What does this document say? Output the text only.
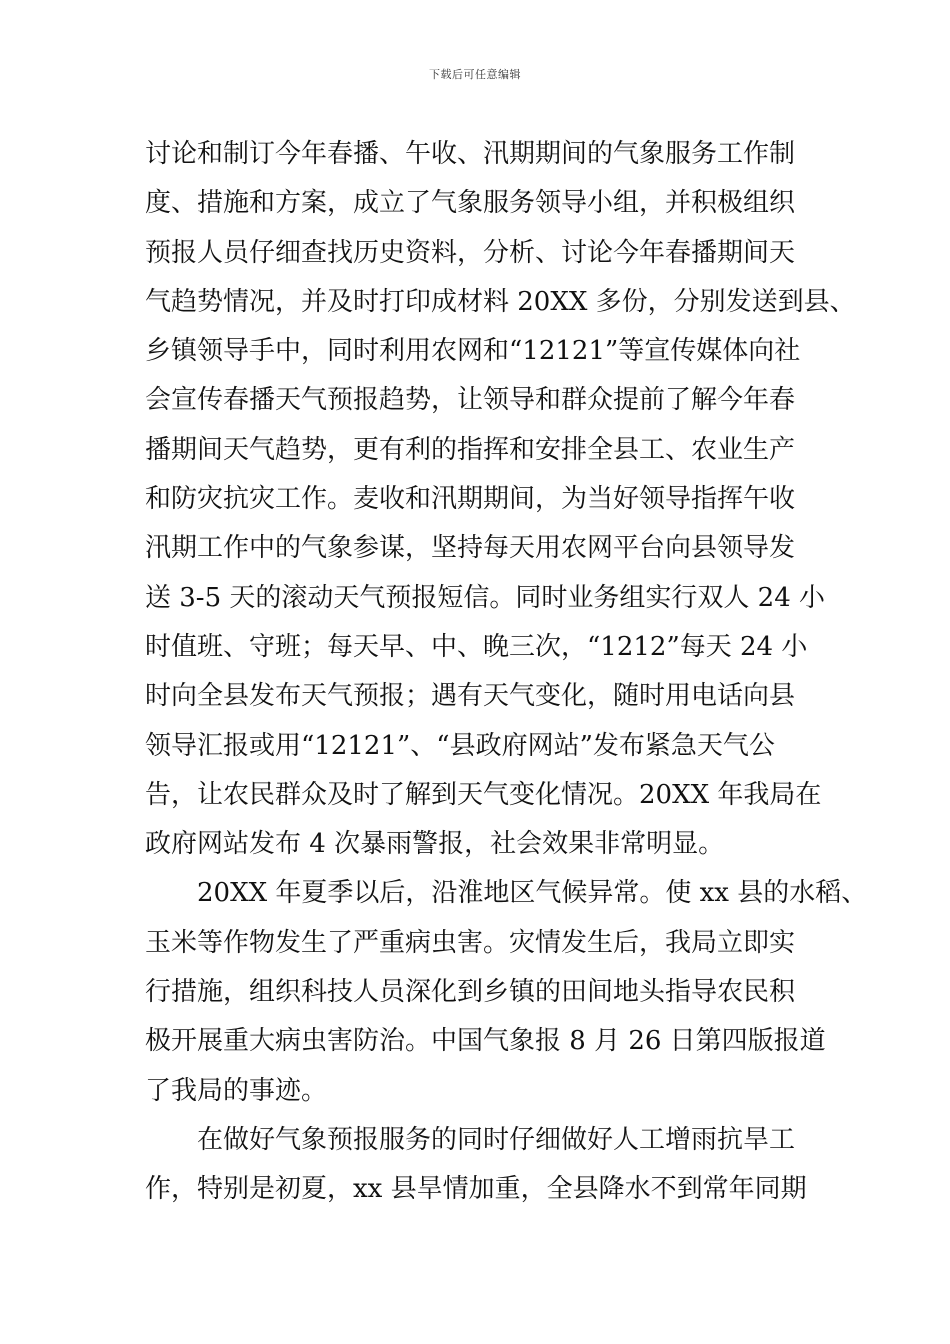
下载后可任意编辑
讨论和制订今年春播、午收、汛期期间的气象服务工作制
度、措施和方案，成立了气象服务领导小组，并积极组织
预报人员仔细查找历史资料，分析、讨论今年春播期间天
气趋势情况，并及时打印成材料 20XX 多份，分别发送到县、
乡镇领导手中，同时利用农网和“12121”等宣传媒体向社
会宣传春播天气预报趋势，让领导和群众提前了解今年春
播期间天气趋势，更有利的指挥和安排全县工、农业生产
和防灾抗灾工作。麦收和汛期期间，为当好领导指挥午收
汛期工作中的气象参谋，坚持每天用农网平台向县领导发
送 3-5 天的滚动天气预报短信。同时业务组实行双人 24 小
时值班、守班；每天早、中、晚三次，“1212”每天 24 小
时向全县发布天气预报；遇有天气变化，随时用电话向县
领导汇报或用“12121”、“县政府网站”发布紧急天气公
告，让农民群众及时了解到天气变化情况。20XX 年我局在
政府网站发布 4 次暴雨警报，社会效果非常明显。
20XX 年夏季以后，沿淮地区气候异常。使 xx 县的水稻、
玉米等作物发生了严重病虫害。灾情发生后，我局立即实
行措施，组织科技人员深化到乡镇的田间地头指导农民积
极开展重大病虫害防治。中国气象报 8 月 26 日第四版报道
了我局的事迹。
在做好气象预报服务的同时仔细做好人工增雨抗旱工
作，特别是初夏，xx 县旱情加重，全县降水不到常年同期
